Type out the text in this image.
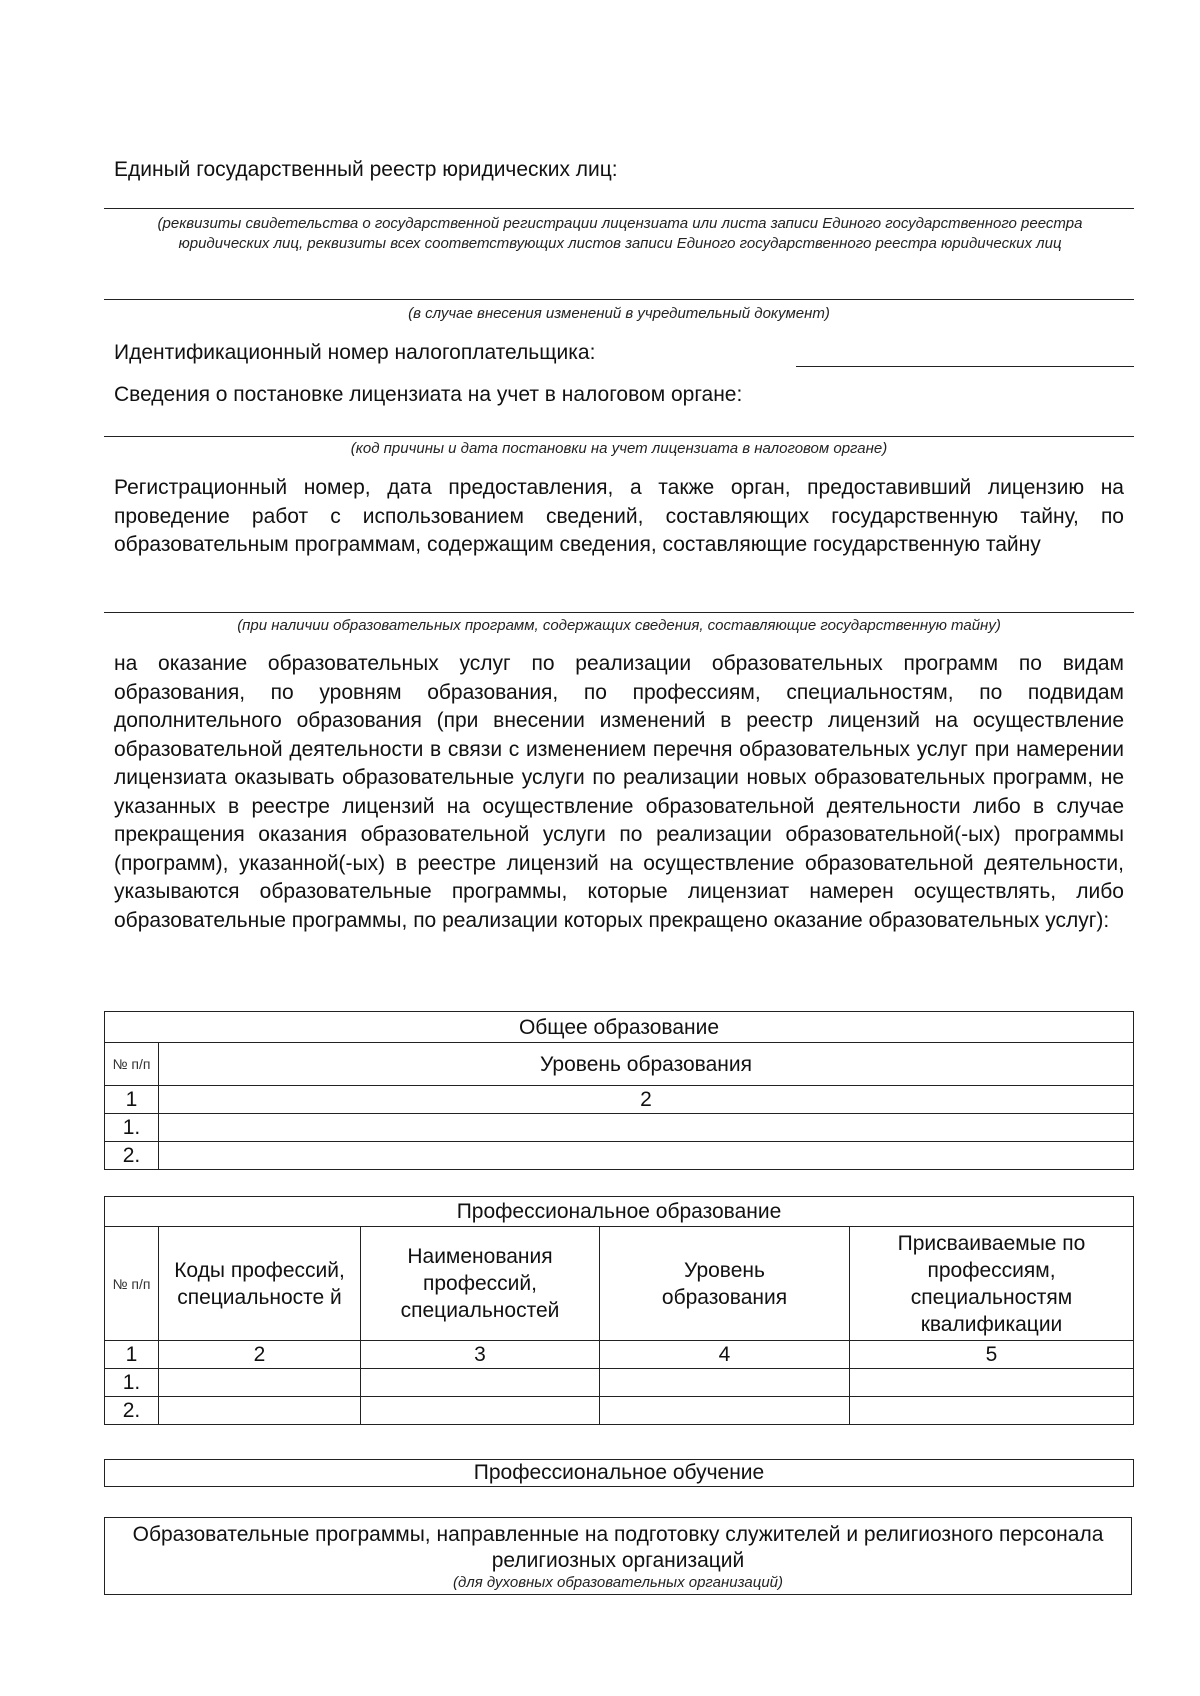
Единый государственный реестр юридических лиц:
(реквизиты свидетельства о государственной регистрации лицензиата или листа записи Единого государственного реестра юридических лиц, реквизиты всех соответствующих листов записи Единого государственного реестра юридических лиц
(в случае внесения изменений в учредительный документ)
Идентификационный номер налогоплательщика:
Сведения о постановке лицензиата на учет в налоговом органе:
(код причины и дата постановки на учет лицензиата в налоговом органе)
Регистрационный номер, дата предоставления, а также орган, предоставивший лицензию на проведение работ с использованием сведений, составляющих государственную тайну, по образовательным программам, содержащим сведения, составляющие государственную тайну
(при наличии образовательных программ, содержащих сведения, составляющие государственную тайну)
на оказание образовательных услуг по реализации образовательных программ по видам образования, по уровням образования, по профессиям, специальностям, по подвидам дополнительного образования (при внесении изменений в реестр лицензий на осуществление образовательной деятельности в связи с изменением перечня образовательных услуг при намерении лицензиата оказывать образовательные услуги по реализации новых образовательных программ, не указанных в реестре лицензий на осуществление образовательной деятельности либо в случае прекращения оказания образовательной услуги по реализации образовательной(-ых) программы (программ), указанной(-ых) в реестре лицензий на осуществление образовательной деятельности, указываются образовательные программы, которые лицензиат намерен осуществлять, либо образовательные программы, по реализации которых прекращено оказание образовательных услуг):
Общее образование	
№ п/п	Уровень образования
1	2
1.	
2.	
Профессиональное образование				
№ п/п	Коды профессий, специальносте й	Наименования профессий, специальностей	Уровень образования	Присваиваемые по профессиям, специальностям квалификации
1	2	3	4	5
1.				
2.				
Профессиональное обучение
Образовательные программы, направленные на подготовку служителей и религиозного персонала религиозных организаций
(для духовных образовательных организаций)
